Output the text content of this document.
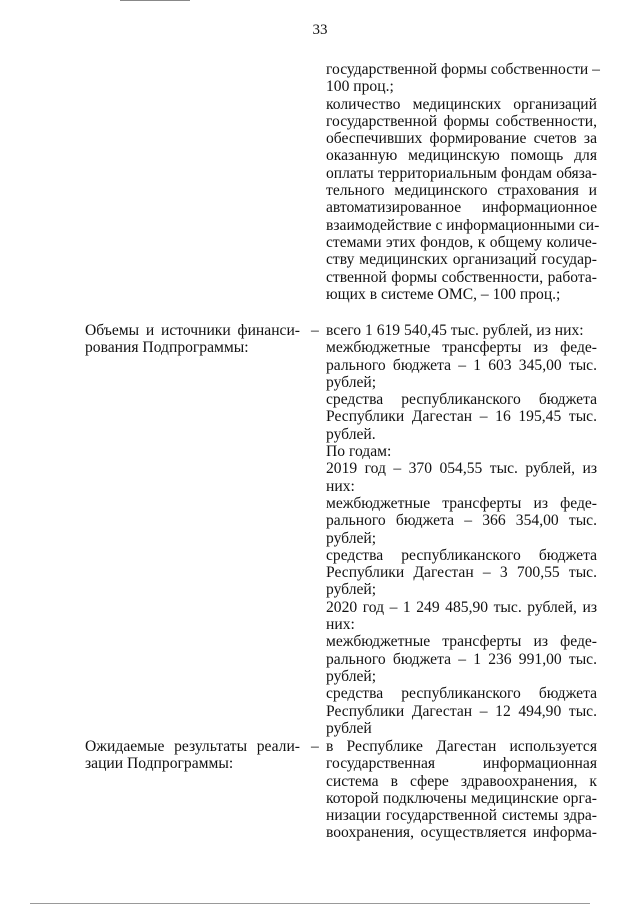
33
государственной формы собственности –
100 проц.;
количество медицинских организаций
государственной формы собственности,
обеспечивших формирование счетов за
оказанную медицинскую помощь для
оплаты территориальным фондам обяза-
тельного медицинского страхования и
автоматизированное информационное
взаимодействие с информационными си-
стемами этих фондов, к общему количе-
ству медицинских организаций государ-
ственной формы собственности, работа-
ющих в системе ОМС, – 100 проц.;
Объемы и источники финанси-
рования Подпрограммы:
– всего 1 619 540,45 тыс. рублей, из них:
межбюджетные трансферты из феде-
рального бюджета – 1 603 345,00 тыс.
рублей;
средства республиканского бюджета
Республики Дагестан – 16 195,45 тыс.
рублей.
По годам:
2019 год – 370 054,55 тыс. рублей, из
них:
межбюджетные трансферты из феде-
рального бюджета – 366 354,00 тыс.
рублей;
средства республиканского бюджета
Республики Дагестан – 3 700,55 тыс.
рублей;
2020 год – 1 249 485,90 тыс. рублей, из
них:
межбюджетные трансферты из феде-
рального бюджета – 1 236 991,00 тыс.
рублей;
средства республиканского бюджета
Республики Дагестан – 12 494,90 тыс.
рублей
Ожидаемые результаты реали-
зации Подпрограммы:
– в Республике Дагестан используется
государственная информационная
система в сфере здравоохранения, к
которой подключены медицинские орга-
низации государственной системы здра-
воохранения, осуществляется информа-
